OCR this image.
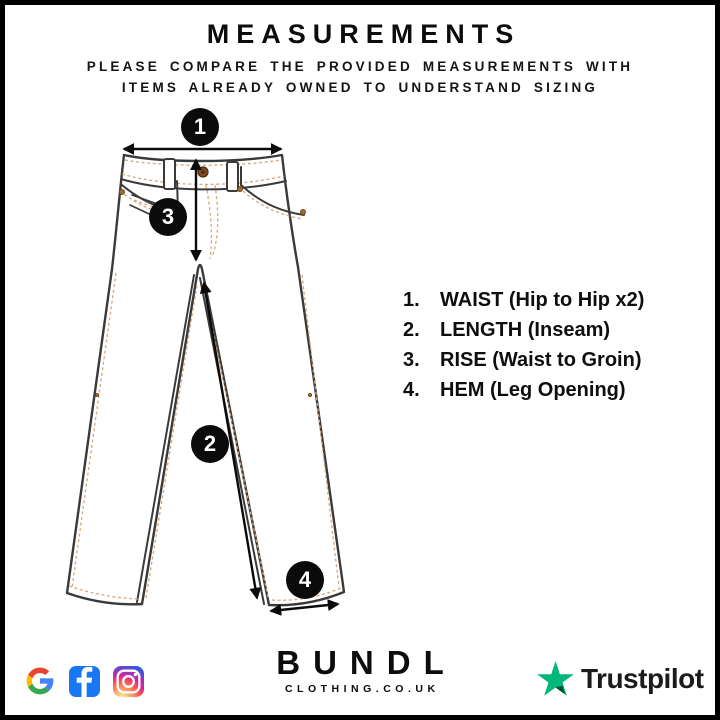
MEASUREMENTS
PLEASE COMPARE THE PROVIDED MEASUREMENTS WITH
ITEMS ALREADY OWNED TO UNDERSTAND SIZING
1
2
3
4
1.	WAIST (Hip to Hip x2)
2.	LENGTH (Inseam)
3.	RISE (Waist to Groin)
4.	HEM (Leg Opening)
BUNDL
CLOTHING.CO.UK	Trustpilot
